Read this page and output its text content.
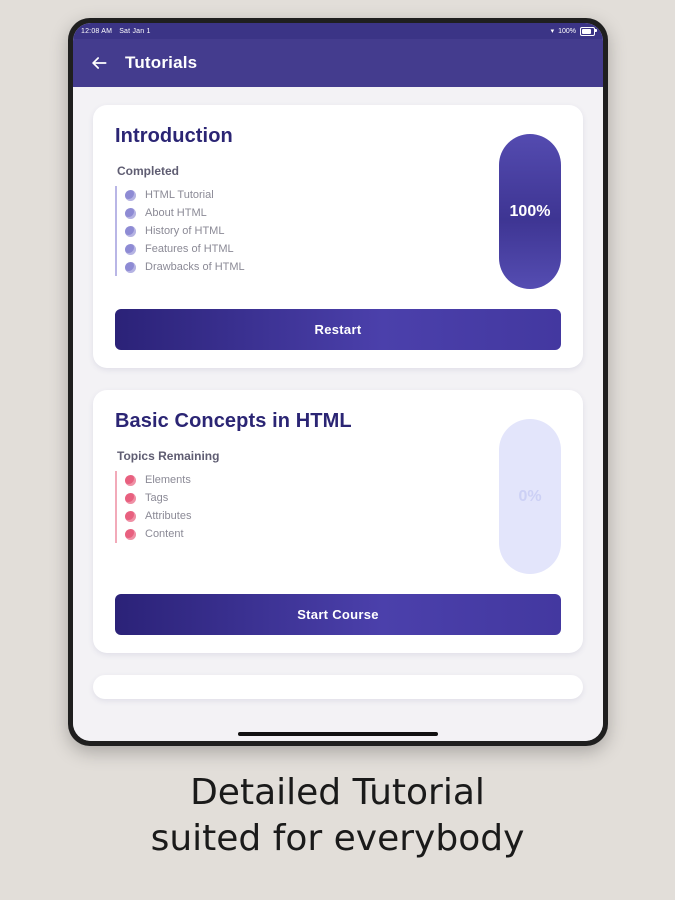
12:08 AM Sat Jan 1	▾ 100%
Tutorials
Introduction
Completed
HTML Tutorial
About HTML
History of HTML
Features of HTML
Drawbacks of HTML
100%
Restart
Basic Concepts in HTML
Topics Remaining
Elements
Tags
Attributes
Content
0%
Start Course
Detailed Tutorial
suited for everybody
